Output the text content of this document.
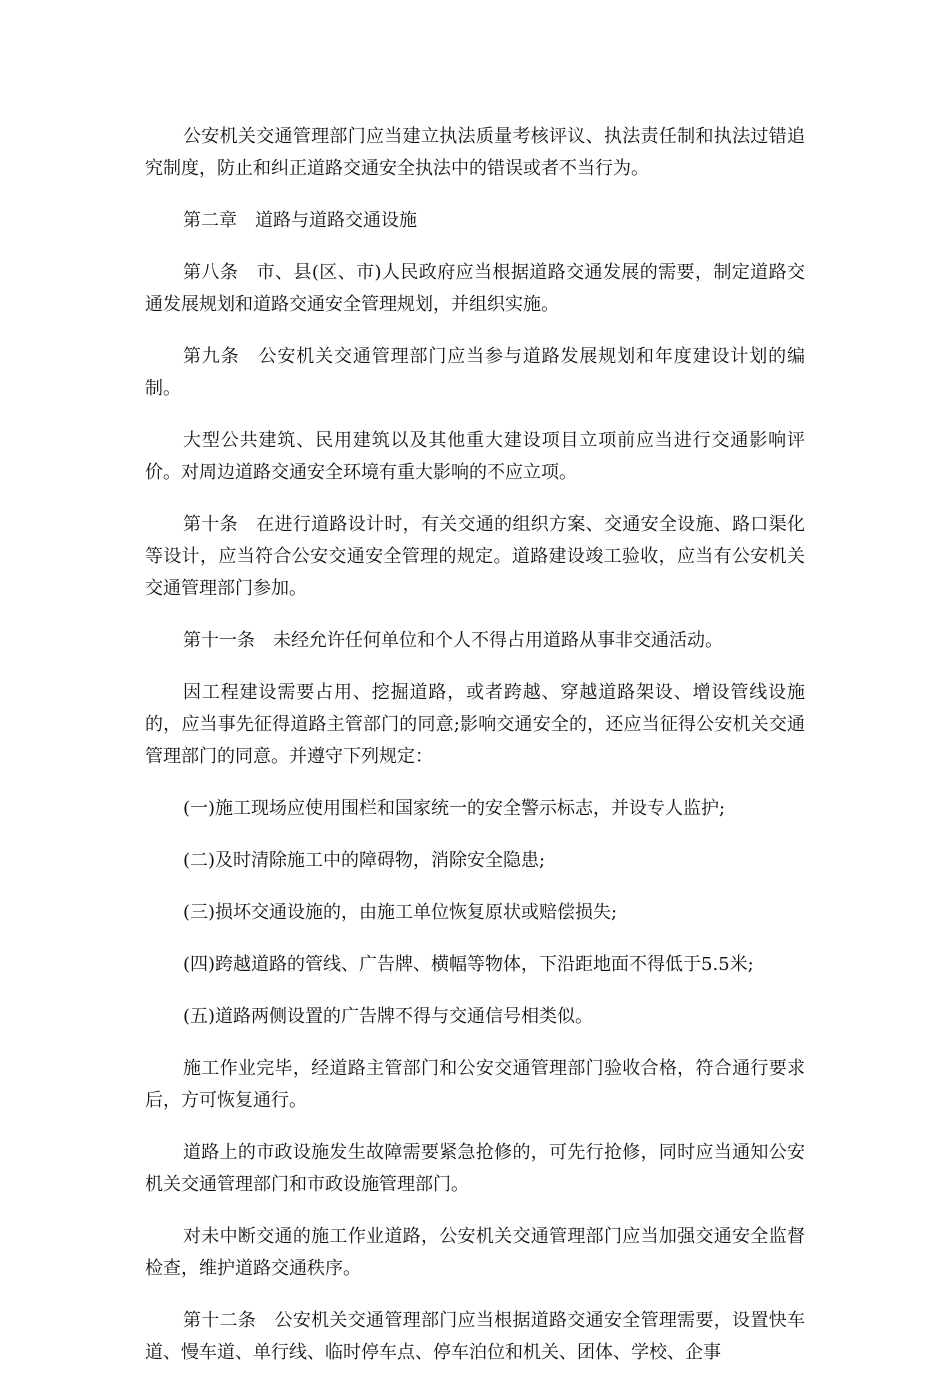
公安机关交通管理部门应当建立执法质量考核评议、执法责任制和执法过错追究制度，防止和纠正道路交通安全执法中的错误或者不当行为。

第二章　道路与道路交通设施

第八条　市、县(区、市)人民政府应当根据道路交通发展的需要，制定道路交通发展规划和道路交通安全管理规划，并组织实施。

第九条　公安机关交通管理部门应当参与道路发展规划和年度建设计划的编制。

大型公共建筑、民用建筑以及其他重大建设项目立项前应当进行交通影响评价。对周边道路交通安全环境有重大影响的不应立项。

第十条　在进行道路设计时，有关交通的组织方案、交通安全设施、路口渠化等设计，应当符合公安交通安全管理的规定。道路建设竣工验收，应当有公安机关交通管理部门参加。

第十一条　未经允许任何单位和个人不得占用道路从事非交通活动。

因工程建设需要占用、挖掘道路，或者跨越、穿越道路架设、增设管线设施的，应当事先征得道路主管部门的同意;影响交通安全的，还应当征得公安机关交通管理部门的同意。并遵守下列规定：

(一)施工现场应使用围栏和国家统一的安全警示标志，并设专人监护;

(二)及时清除施工中的障碍物，消除安全隐患;

(三)损坏交通设施的，由施工单位恢复原状或赔偿损失;

(四)跨越道路的管线、广告牌、横幅等物体，下沿距地面不得低于5.5米;

(五)道路两侧设置的广告牌不得与交通信号相类似。

施工作业完毕，经道路主管部门和公安交通管理部门验收合格，符合通行要求后，方可恢复通行。

道路上的市政设施发生故障需要紧急抢修的，可先行抢修，同时应当通知公安机关交通管理部门和市政设施管理部门。

对未中断交通的施工作业道路，公安机关交通管理部门应当加强交通安全监督检查，维护道路交通秩序。

第十二条　公安机关交通管理部门应当根据道路交通安全管理需要，设置快车道、慢车道、单行线、临时停车点、停车泊位和机关、团体、学校、企事
